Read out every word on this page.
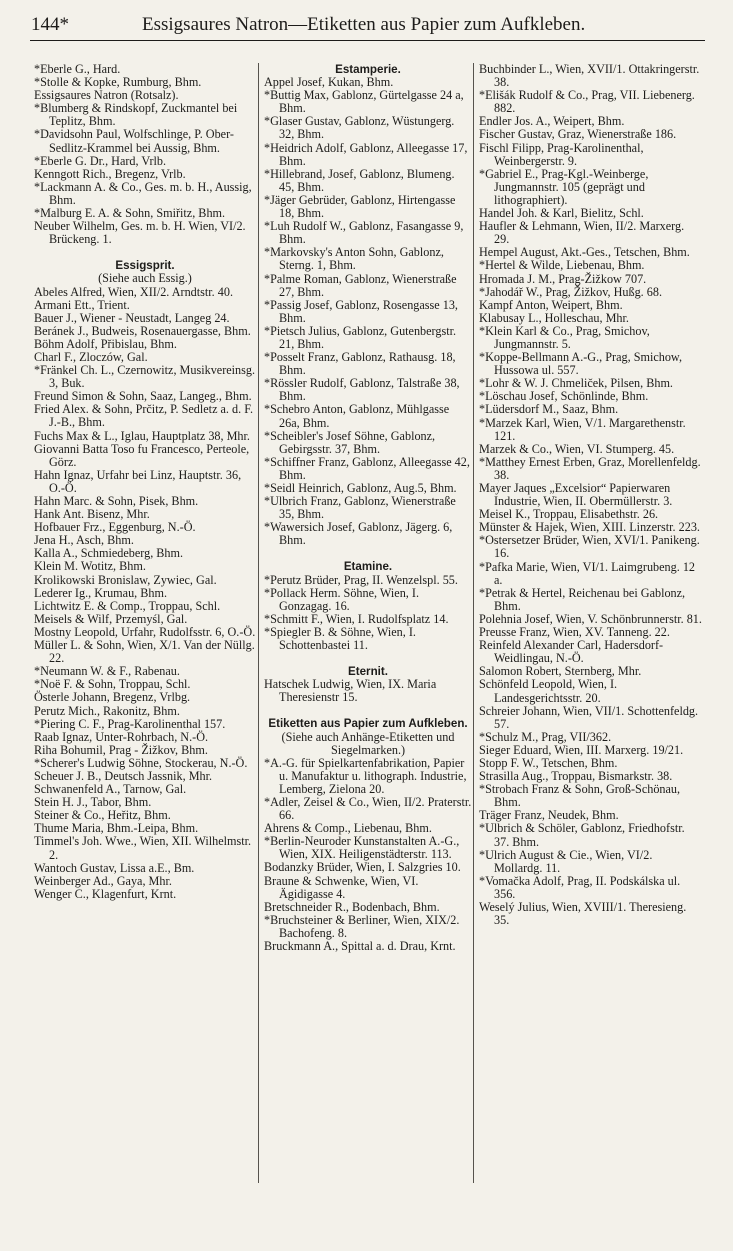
144*	Essigsaures Natron—Etiketten aus Papier zum Aufkleben.
*Eberle G., Hard.
*Stolle & Kopke, Rumburg, Bhm.
Essigsaures Natron (Rotsalz).
*Blumberg & Rindskopf, Zuckmantel bei Teplitz, Bhm.
*Davidsohn Paul, Wolfschlinge, P. Ober-Sedlitz-Krammel bei Aussig, Bhm.
*Eberle G. Dr., Hard, Vrlb.
Kenngott Rich., Bregenz, Vrlb.
*Lackmann A. & Co., Ges. m. b. H., Aussig, Bhm.
*Malburg E. A. & Sohn, Smiřitz, Bhm.
Neuber Wilhelm, Ges. m. b. H. Wien, VI/2. Brückeng. 1.
Essigsprit.
(Siehe auch Essig.)
Abeles Alfred, Wien, XII/2. Arndtstr. 40.
Armani Ett., Trient.
Bauer J., Wiener - Neustadt, Langeg 24.
Beránek J., Budweis, Rosenauergasse, Bhm.
Böhm Adolf, Přibislau, Bhm.
Charl F., Zloczów, Gal.
*Fränkel Ch. L., Czernowitz, Musikvereinsg. 3, Buk.
Freund Simon & Sohn, Saaz, Langeg., Bhm.
Fried Alex. & Sohn, Prčitz, P. Sedletz a. d. F. J.-B., Bhm.
Fuchs Max & L., Iglau, Hauptplatz 38, Mhr.
Giovanni Batta Toso fu Francesco, Perteole, Görz.
Hahn Ignaz, Urfahr bei Linz, Hauptstr. 36, O.-Ö.
Hahn Marc. & Sohn, Pisek, Bhm.
Hank Ant. Bisenz, Mhr.
Hofbauer Frz., Eggenburg, N.-Ö.
Jena H., Asch, Bhm.
Kalla A., Schmiedeberg, Bhm.
Klein M. Wotitz, Bhm.
Krolikowski Bronislaw, Zywiec, Gal.
Lederer Ig., Krumau, Bhm.
Lichtwitz E. & Comp., Troppau, Schl.
Meisels & Wilf, Przemyśl, Gal.
Mostny Leopold, Urfahr, Rudolfsstr. 6, O.-Ö.
Müller L. & Sohn, Wien, X/1. Van der Nüllg. 22.
*Neumann W. & F., Rabenau.
*Noë F. & Sohn, Troppau, Schl.
Österle Johann, Bregenz, Vrlbg.
Perutz Mich., Rakonitz, Bhm.
*Piering C. F., Prag-Karolinenthal 157.
Raab Ignaz, Unter-Rohrbach, N.-Ö.
Riha Bohumil, Prag - Žižkov, Bhm.
*Scherer's Ludwig Söhne, Stockerau, N.-Ö.
Scheuer J. B., Deutsch Jassnik, Mhr.
Schwanenfeld A., Tarnow, Gal.
Stein H. J., Tabor, Bhm.
Steiner & Co., Heřitz, Bhm.
Thume Maria, Bhm.-Leipa, Bhm.
Timmel's Joh. Wwe., Wien, XII. Wilhelmstr. 2.
Wantoch Gustav, Lissa a.E., Bm.
Weinberger Ad., Gaya, Mhr.
Wenger C., Klagenfurt, Krnt.
Estamperie.
Appel Josef, Kukan, Bhm.
*Buttig Max, Gablonz, Gürtelgasse 24 a, Bhm.
*Glaser Gustav, Gablonz, Wüstungerg. 32, Bhm.
*Heidrich Adolf, Gablonz, Alleegasse 17, Bhm.
*Hillebrand, Josef, Gablonz, Blumeng. 45, Bhm.
*Jäger Gebrüder, Gablonz, Hirtengasse 18, Bhm.
*Luh Rudolf W., Gablonz, Fasangasse 9, Bhm.
*Markovsky's Anton Sohn, Gablonz, Sterng. 1, Bhm.
*Palme Roman, Gablonz, Wienerstraße 27, Bhm.
*Passig Josef, Gablonz, Rosengasse 13, Bhm.
*Pietsch Julius, Gablonz, Gutenbergstr. 21, Bhm.
*Posselt Franz, Gablonz, Rathausg. 18, Bhm.
*Rössler Rudolf, Gablonz, Talstraße 38, Bhm.
*Schebro Anton, Gablonz, Mühlgasse 26a, Bhm.
*Scheibler's Josef Söhne, Gablonz, Gebirgsstr. 37, Bhm.
*Schiffner Franz, Gablonz, Alleegasse 42, Bhm.
*Seidl Heinrich, Gablonz, Aug.5, Bhm.
*Ulbrich Franz, Gablonz, Wienerstraße 35, Bhm.
*Wawersich Josef, Gablonz, Jägerg. 6, Bhm.
Etamine.
*Perutz Brüder, Prag, II. Wenzelspl. 55.
*Pollack Herm. Söhne, Wien, I. Gonzagag. 16.
*Schmitt F., Wien, I. Rudolfsplatz 14.
*Spiegler B. & Söhne, Wien, I. Schottenbastei 11.
Eternit.
Hatschek Ludwig, Wien, IX. Maria Theresienstr 15.
Etiketten aus Papier zum Aufkleben.
(Siehe auch Anhänge-Etiketten und Siegelmarken.)
*A.-G. für Spielkartenfabrikation, Papier u. Manufaktur u. lithograph. Industrie, Lemberg, Zielona 20.
*Adler, Zeisel & Co., Wien, II/2. Praterstr. 66.
Ahrens & Comp., Liebenau, Bhm.
*Berlin-Neuroder Kunstanstalten A.-G., Wien, XIX. Heiligenstädterstr. 113.
Bodanzky Brüder, Wien, I. Salzgries 10.
Braune & Schwenke, Wien, VI. Ägidigasse 4.
Bretschneider R., Bodenbach, Bhm.
*Bruchsteiner & Berliner, Wien, XIX/2. Bachofeng. 8.
Bruckmann A., Spittal a. d. Drau, Krnt.
Buchbinder L., Wien, XVII/1. Ottakringerstr. 38.
*Elišák Rudolf & Co., Prag, VII. Liebenerg. 882.
Endler Jos. A., Weipert, Bhm.
Fischer Gustav, Graz, Wienerstraße 186.
Fischl Filipp, Prag-Karolinenthal, Weinbergerstr. 9.
*Gabriel E., Prag-Kgl.-Weinberge, Jungmannstr. 105 (geprägt und lithographiert).
Handel Joh. & Karl, Bielitz, Schl.
Haufler & Lehmann, Wien, II/2. Marxerg. 29.
Hempel August, Akt.-Ges., Tetschen, Bhm.
*Hertel & Wilde, Liebenau, Bhm.
Hromada J. M., Prag-Žižkow 707.
*Jahodář W., Prag, Žižkov, Hußg. 68.
Kampf Anton, Weipert, Bhm.
Klabusay L., Holleschau, Mhr.
*Klein Karl & Co., Prag, Smichov, Jungmannstr. 5.
*Koppe-Bellmann A.-G., Prag, Smichow, Hussowa ul. 557.
*Lohr & W. J. Chmeliček, Pilsen, Bhm.
*Löschau Josef, Schönlinde, Bhm.
*Lüdersdorf M., Saaz, Bhm.
*Marzek Karl, Wien, V/1. Margarethenstr. 121.
Marzek & Co., Wien, VI. Stumperg. 45.
*Matthey Ernest Erben, Graz, Morellenfeldg. 38.
Mayer Jaques „Excelsior“ Papierwaren Industrie, Wien, II. Obermüllerstr. 3.
Meisel K., Troppau, Elisabethstr. 26.
Münster & Hajek, Wien, XIII. Linzerstr. 223.
*Ostersetzer Brüder, Wien, XVI/1. Panikeng. 16.
*Pafka Marie, Wien, VI/1. Laimgrubeng. 12 a.
*Petrak & Hertel, Reichenau bei Gablonz, Bhm.
Polehnia Josef, Wien, V. Schönbrunnerstr. 81.
Preusse Franz, Wien, XV. Tanneng. 22.
Reinfeld Alexander Carl, Hadersdorf-Weidlingau, N.-Ö.
Salomon Robert, Sternberg, Mhr.
Schönfeld Leopold, Wien, I. Landesgerichtsstr. 20.
Schreier Johann, Wien, VII/1. Schottenfeldg. 57.
*Schulz M., Prag, VII/362.
Sieger Eduard, Wien, III. Marxerg. 19/21.
Stopp F. W., Tetschen, Bhm.
Strasilla Aug., Troppau, Bismarkstr. 38.
*Strobach Franz & Sohn, Groß-Schönau, Bhm.
Träger Franz, Neudek, Bhm.
*Ulbrich & Schöler, Gablonz, Friedhofstr. 37. Bhm.
*Ulrich August & Cie., Wien, VI/2. Mollardg. 11.
*Vomačka Adolf, Prag, II. Podskálska ul. 356.
Weselý Julius, Wien, XVIII/1. Theresieng. 35.
